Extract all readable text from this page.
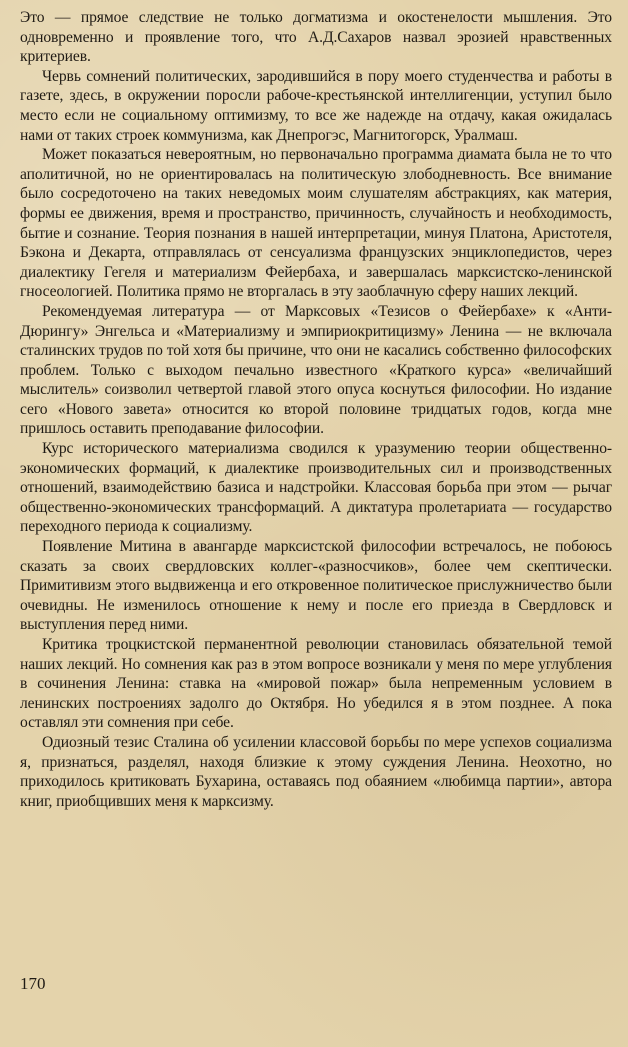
Это — прямое следствие не только догматизма и окостенелости мышления. Это одновременно и проявление того, что А.Д.Сахаров назвал эрозией нравственных критериев.

Червь сомнений политических, зародившийся в пору моего студенчества и работы в газете, здесь, в окружении поросли рабоче-крестьянской интеллигенции, уступил было место если не социальному оптимизму, то все же надежде на отдачу, какая ожидалась нами от таких строек коммунизма, как Днепрогэс, Магнитогорск, Уралмаш.

Может показаться невероятным, но первоначально программа диамата была не то что аполитичной, но не ориентировалась на политическую злободневность. Все внимание было сосредоточено на таких неведомых моим слушателям абстракциях, как материя, формы ее движения, время и пространство, причинность, случайность и необходимость, бытие и сознание. Теория познания в нашей интерпретации, минуя Платона, Аристотеля, Бэкона и Декарта, отправлялась от сенсуализма французских энциклопедистов, через диалектику Гегеля и материализм Фейербаха, и завершалась марксистско-ленинской гносеологией. Политика прямо не вторгалась в эту заоблачную сферу наших лекций.

Рекомендуемая литература — от Марксовых «Тезисов о Фейербахе» к «Анти-Дюрингу» Энгельса и «Материализму и эмпириокритицизму» Ленина — не включала сталинских трудов по той хотя бы причине, что они не касались собственно философских проблем. Только с выходом печально известного «Краткого курса» «величайший мыслитель» соизволил четвертой главой этого опуса коснуться философии. Но издание сего «Нового завета» относится ко второй половине тридцатых годов, когда мне пришлось оставить преподавание философии.

Курс исторического материализма сводился к уразумению теории общественно-экономических формаций, к диалектике производительных сил и производственных отношений, взаимодействию базиса и надстройки. Классовая борьба при этом — рычаг общественно-экономических трансформаций. А диктатура пролетариата — государство переходного периода к социализму.

Появление Митина в авангарде марксистской философии встречалось, не побоюсь сказать за своих свердловских коллег-«разносчиков», более чем скептически. Примитивизм этого выдвиженца и его откровенное политическое прислужничество были очевидны. Не изменилось отношение к нему и после его приезда в Свердловск и выступления перед ними.

Критика троцкистской перманентной революции становилась обязательной темой наших лекций. Но сомнения как раз в этом вопросе возникали у меня по мере углубления в сочинения Ленина: ставка на «мировой пожар» была непременным условием в ленинских построениях задолго до Октября. Но убедился я в этом позднее. А пока оставлял эти сомнения при себе.

Одиозный тезис Сталина об усилении классовой борьбы по мере успехов социализма я, признаться, разделял, находя близкие к этому суждения Ленина. Неохотно, но приходилось критиковать Бухарина, оставаясь под обаянием «любимца партии», автора книг, приобщивших меня к марксизму.

170
